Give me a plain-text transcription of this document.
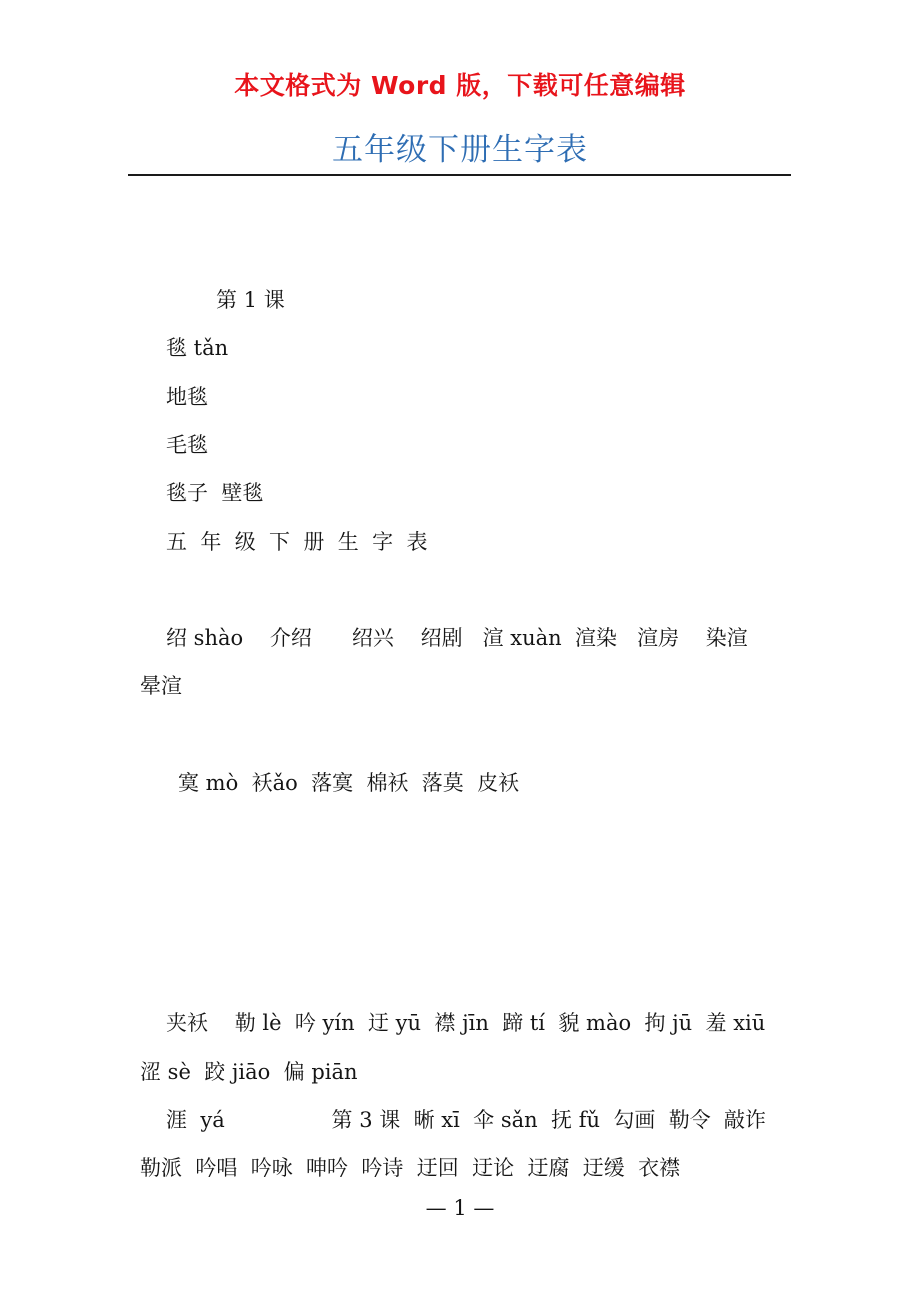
本文格式为 Word 版，下载可任意编辑
五年级下册生字表
第 1 课
毯 tǎn
地毯
毛毯
毯子  壁毯
五  年  级  下  册  生  字  表
绍 shào    介绍      绍兴    绍剧   渲 xuàn  渲染   渲房    染渲
晕渲
寞 mò  袄ǎo  落寞  棉袄  落莫  皮袄
夹袄    勒 lè  吟 yín  迂 yū  襟 jīn  蹄 tí  貌 mào  拘 jū  羞 xiū
涩 sè  跤 jiāo  偏 piān
涯  yá                第 3 课  晰 xī  伞 sǎn  抚 fǔ  勾画  勒令  敲诈
勒派  吟唱  吟咏  呻吟  吟诗  迂回  迂论  迂腐  迂缓  衣襟
— 1 —
